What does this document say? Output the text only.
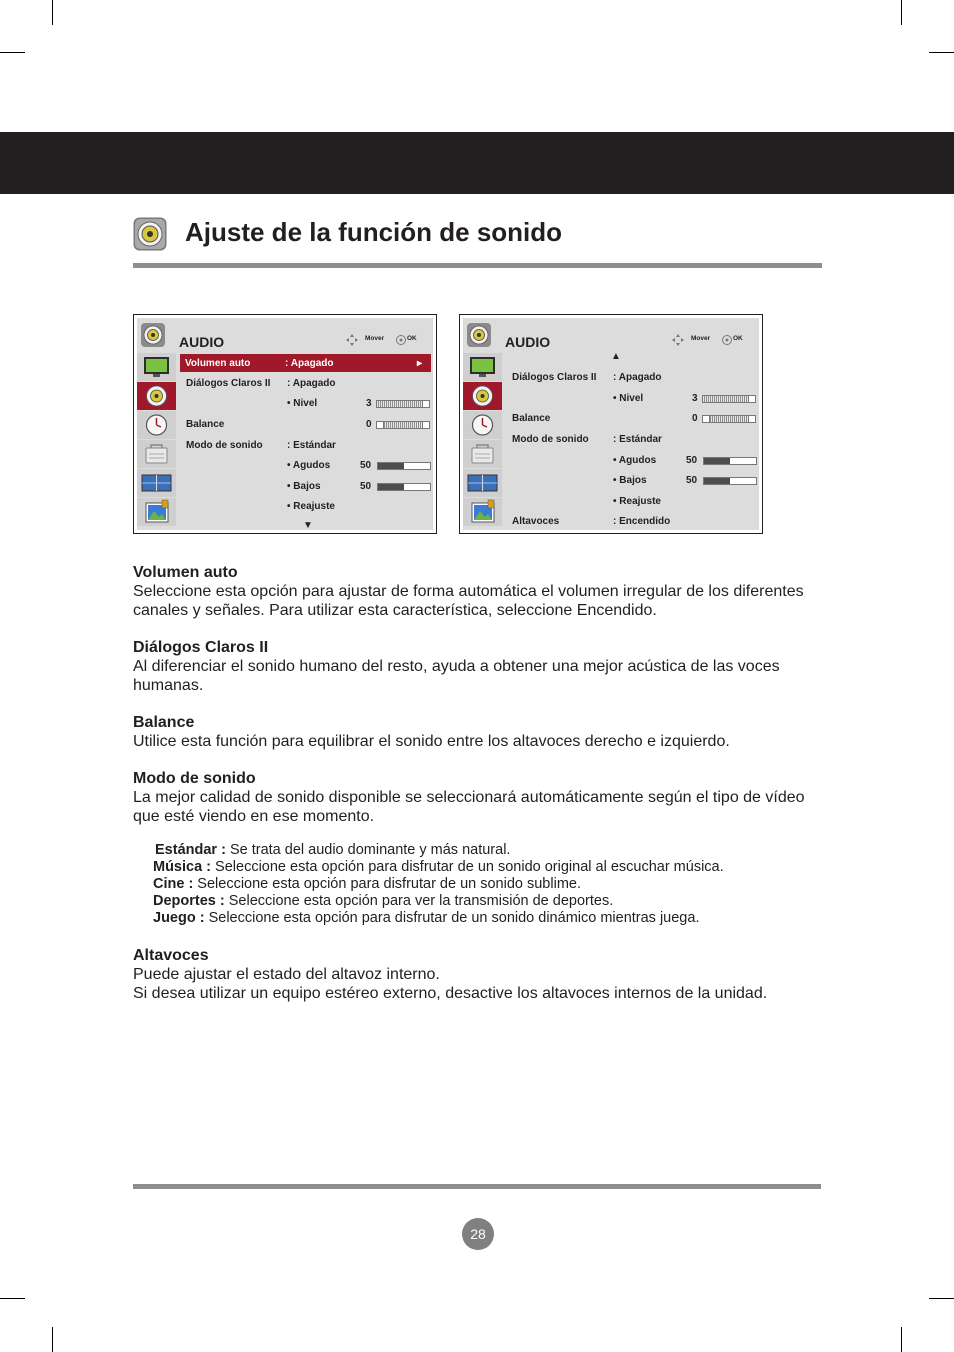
Ajuste de la función de sonido
AUDIO	Mover	OK
Volumen auto	: Apagado	▸
Diálogos Claros II : Apagado
• Nivel	3
Balance	0
Modo de sonido : Estándar
• Agudos	50
• Bajos	50
• Reajuste
▼
AUDIO	Mover	OK
▲
Diálogos Claros II : Apagado
• Nivel	3
Balance	0
Modo de sonido : Estándar
• Agudos	50
• Bajos	50
• Reajuste
Altavoces	: Encendido
Volumen auto

Seleccione esta opción para ajustar de forma automática el volumen irregular de los diferentes canales y señales. Para utilizar esta característica, seleccione Encendido.

Diálogos Claros II

Al diferenciar el sonido humano del resto, ayuda a obtener una mejor acústica de las voces humanas.

Balance

Utilice esta función para equilibrar el sonido entre los altavoces derecho e izquierdo.

Modo de sonido

La mejor calidad de sonido disponible se seleccionará automáticamente según el tipo de vídeo que esté viendo en ese momento.

Estándar : Se trata del audio dominante y más natural.
Música : Seleccione esta opción para disfrutar de un sonido original al escuchar música.
Cine : Seleccione esta opción para disfrutar de un sonido sublime.
Deportes : Seleccione esta opción para ver la transmisión de deportes.
Juego : Seleccione esta opción para disfrutar de un sonido dinámico mientras juega.
Altavoces

Puede ajustar el estado del altavoz interno.

Si desea utilizar un equipo estéreo externo, desactive los altavoces internos de la unidad.

28
